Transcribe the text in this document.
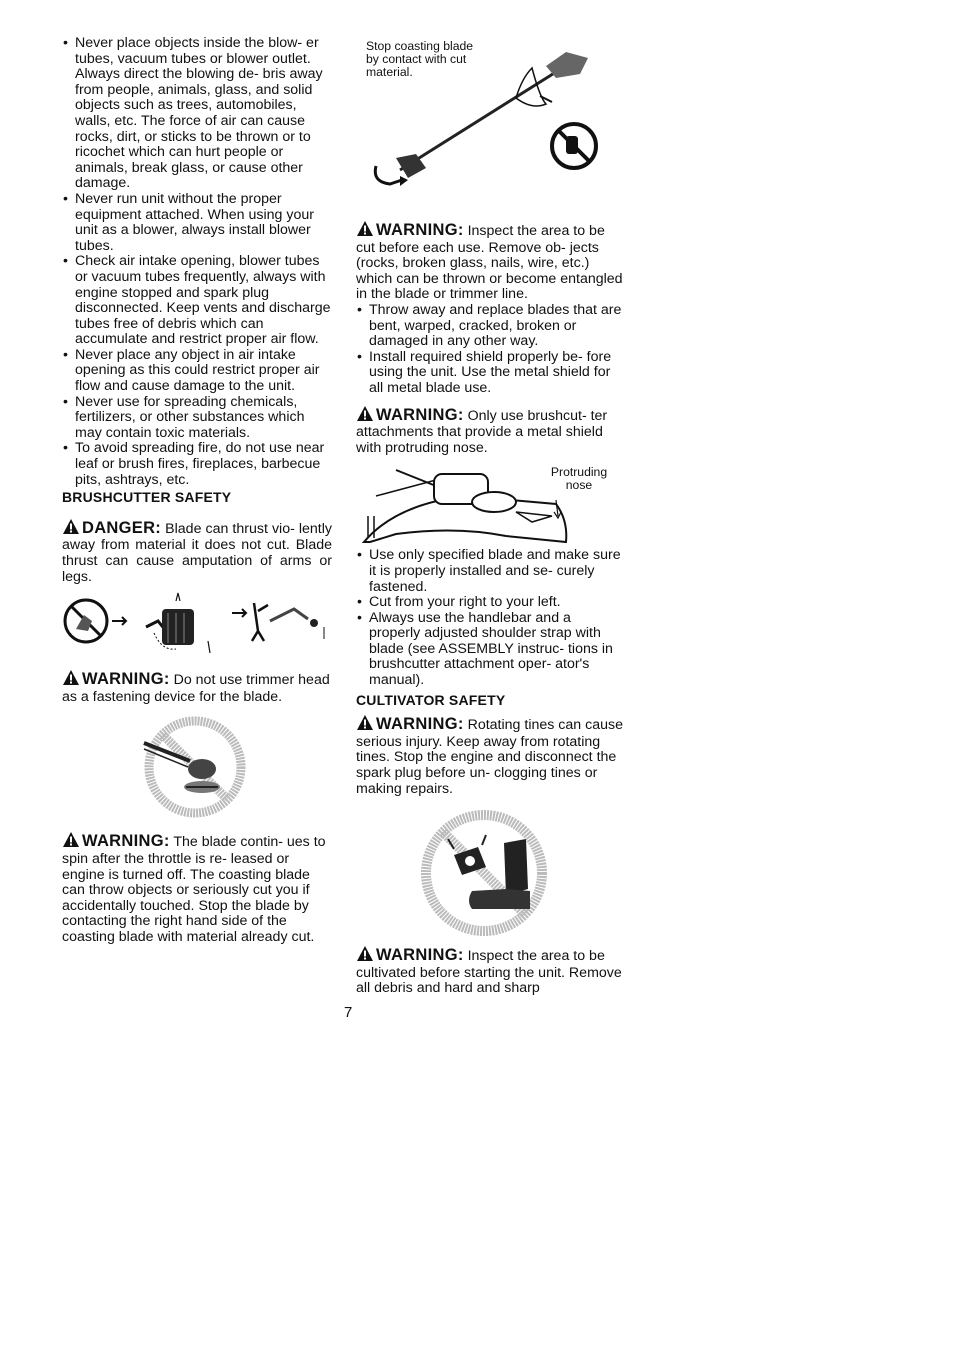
• Never place objects inside the blow- er tubes, vacuum tubes or blower outlet. Always direct the blowing de- bris away from people, animals, glass, and solid objects such as trees, automobiles, walls, etc. The force of air can cause rocks, dirt, or sticks to be thrown or to ricochet which can hurt people or animals, break glass, or cause other damage.
• Never run unit without the proper equipment attached. When using your unit as a blower, always install blower tubes.
• Check air intake opening, blower tubes or vacuum tubes frequently, always with engine stopped and spark plug disconnected. Keep vents and discharge tubes free of debris which can accumulate and restrict proper air flow.
• Never place any object in air intake opening as this could restrict proper air flow and cause damage to the unit.
• Never use for spreading chemicals, fertilizers, or other substances which may contain toxic materials.
• To avoid spreading fire, do not use near leaf or brush fires, fireplaces, barbecue pits, ashtrays, etc.
BRUSHCUTTER SAFETY
DANGER: Blade can thrust vio- lently away from material it does not cut. Blade thrust can cause amputation of arms or legs.
WARNING: Do not use trimmer head as a fastening device for the blade.
WARNING: The blade contin- ues to spin after the throttle is re- leased or engine is turned off. The coasting blade can throw objects or seriously cut you if accidentally touched. Stop the blade by contacting the right hand side of the coasting blade with material already cut.
Stop coasting blade by contact with cut material.
WARNING: Inspect the area to be cut before each use. Remove ob- jects (rocks, broken glass, nails, wire, etc.) which can be thrown or become entangled in the blade or trimmer line.
• Throw away and replace blades that are bent, warped, cracked, broken or damaged in any other way.
• Install required shield properly be- fore using the unit. Use the metal shield for all metal blade use.
WARNING: Only use brushcut- ter attachments that provide a metal shield with protruding nose.
Protruding nose
• Use only specified blade and make sure it is properly installed and se- curely fastened.
• Cut from your right to your left.
• Always use the handlebar and a properly adjusted shoulder strap with blade (see ASSEMBLY instruc- tions in brushcutter attachment oper- ator's manual).
CULTIVATOR SAFETY
WARNING: Rotating tines can cause serious injury. Keep away from rotating tines. Stop the engine and disconnect the spark plug before un- clogging tines or making repairs.
WARNING: Inspect the area to be cultivated before starting the unit. Remove all debris and hard and sharp
7
